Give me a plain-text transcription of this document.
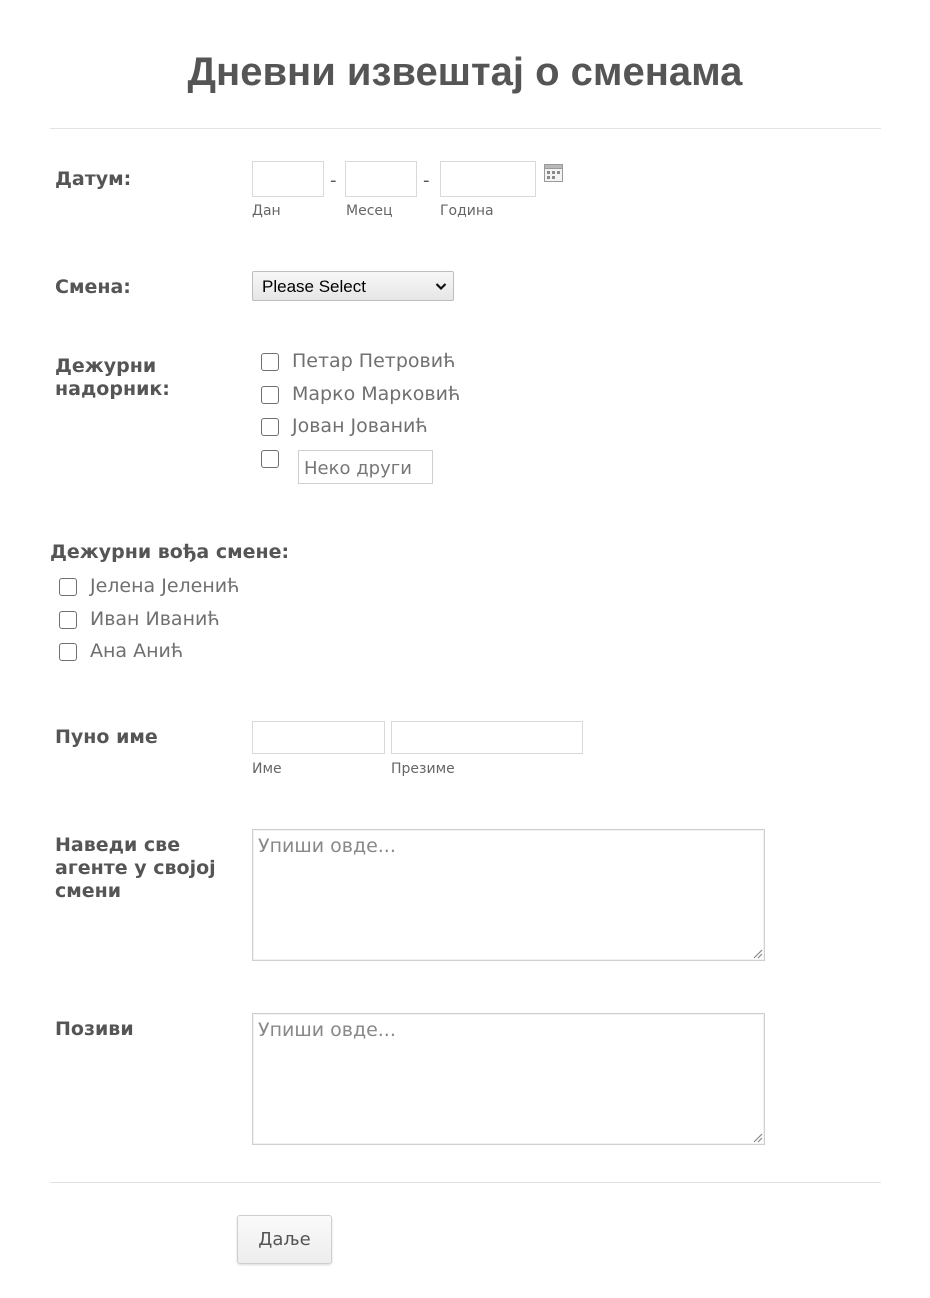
Дневни извештај о сменама
Датум:	-	-
Дан	Месец	Година
Смена:	Please Select
Дежурни
надорник:
Петар Петровић
Марко Марковић
Јован Јованић
Неко други
Дежурни вођа смене:
Јелена Јеленић
Иван Иванић
Ана Анић
Пуно име
Име	Презиме
Наведи све
агенте у својој
смени
Упиши овде...
Позиви	Упиши овде...
Даље
